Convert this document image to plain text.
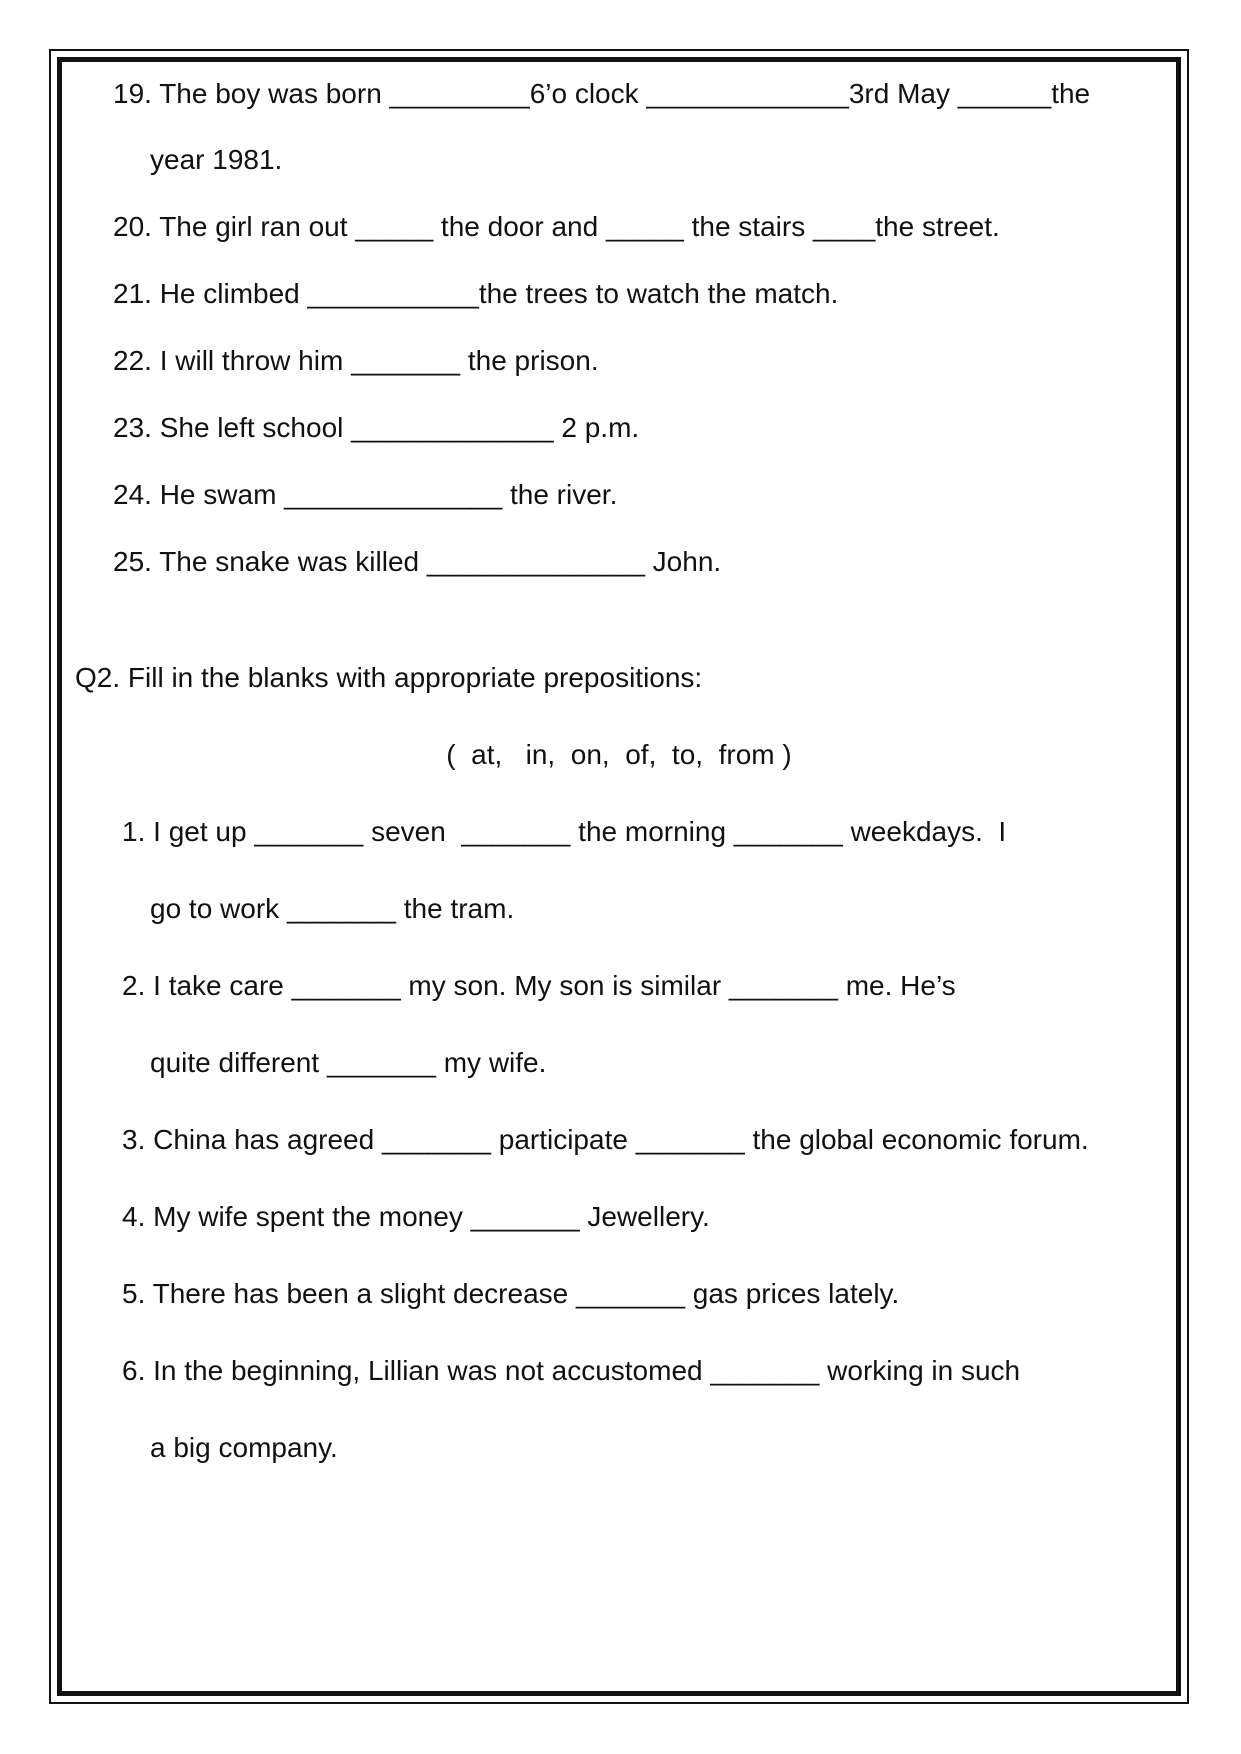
19. The boy was born _________6’o clock _____________3rd May ______the
year 1981.
20. The girl ran out _____ the door and _____ the stairs ____the street.
21. He climbed ___________the trees to watch the match.
22. I will throw him _______ the prison.
23. She left school _____________ 2 p.m.
24. He swam ______________ the river.
25. The snake was killed ______________ John.
Q2. Fill in the blanks with appropriate prepositions:
(  at,   in,  on,  of,  to,  from )
1. I get up _______ seven  _______ the morning _______ weekdays.  I
go to work _______ the tram.
2. I take care _______ my son. My son is similar _______ me. He’s
quite different _______ my wife.
3. China has agreed _______ participate _______ the global economic forum.
4. My wife spent the money _______ Jewellery.
5. There has been a slight decrease _______ gas prices lately.
6. In the beginning, Lillian was not accustomed _______ working in such
a big company.
